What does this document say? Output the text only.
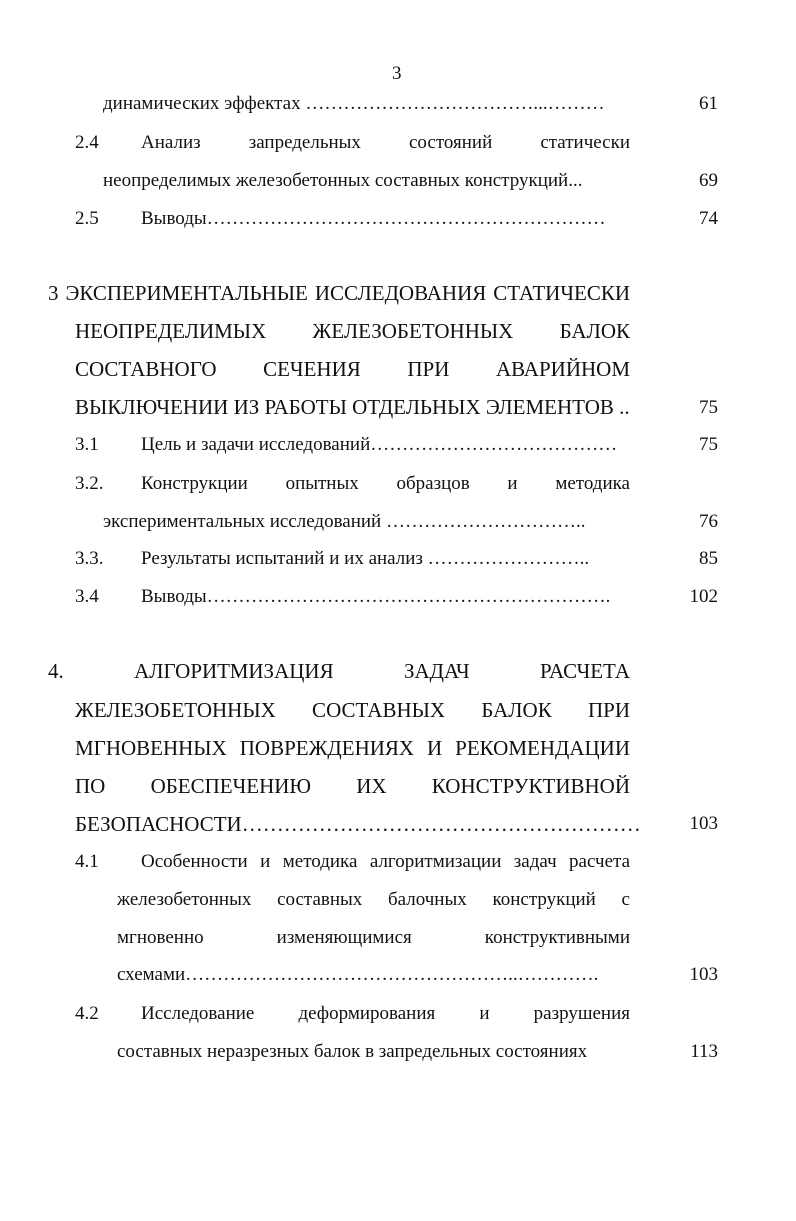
3
динамических эффектах ………………………………...………	61
2.4 Анализ запредельных состояний статически
неопределимых железобетонных составных конструкций...	69
2.5 Выводы………………………………………………………	74
3 ЭКСПЕРИМЕНТАЛЬНЫЕ ИССЛЕДОВАНИЯ СТАТИЧЕСКИ
НЕОПРЕДЕЛИМЫХ ЖЕЛЕЗОБЕТОННЫХ БАЛОК
СОСТАВНОГО СЕЧЕНИЯ ПРИ АВАРИЙНОМ
ВЫКЛЮЧЕНИИ ИЗ РАБОТЫ ОТДЕЛЬНЫХ ЭЛЕМЕНТОВ ..	75
3.1 Цель и задачи исследований…………………………………	75
3.2. Конструкции опытных образцов и методика
экспериментальных исследований …………………………..	76
3.3. Результаты испытаний и их анализ ……………………..	85
3.4 Выводы……………………………………………………….	102
4. АЛГОРИТМИЗАЦИЯ ЗАДАЧ РАСЧЕТА
ЖЕЛЕЗОБЕТОННЫХ СОСТАВНЫХ БАЛОК ПРИ
МГНОВЕННЫХ ПОВРЕЖДЕНИЯХ И РЕКОМЕНДАЦИИ
ПО ОБЕСПЕЧЕНИЮ ИХ КОНСТРУКТИВНОЙ
БЕЗОПАСНОСТИ…………………………………………………	103
4.1 Особенности и методика алгоритмизации задач расчета
железобетонных составных балочных конструкций с
мгновенно изменяющимися конструктивными
схемами……………………………………………..………….	103
4.2 Исследование деформирования и разрушения
составных неразрезных балок в запредельных состояниях	113
